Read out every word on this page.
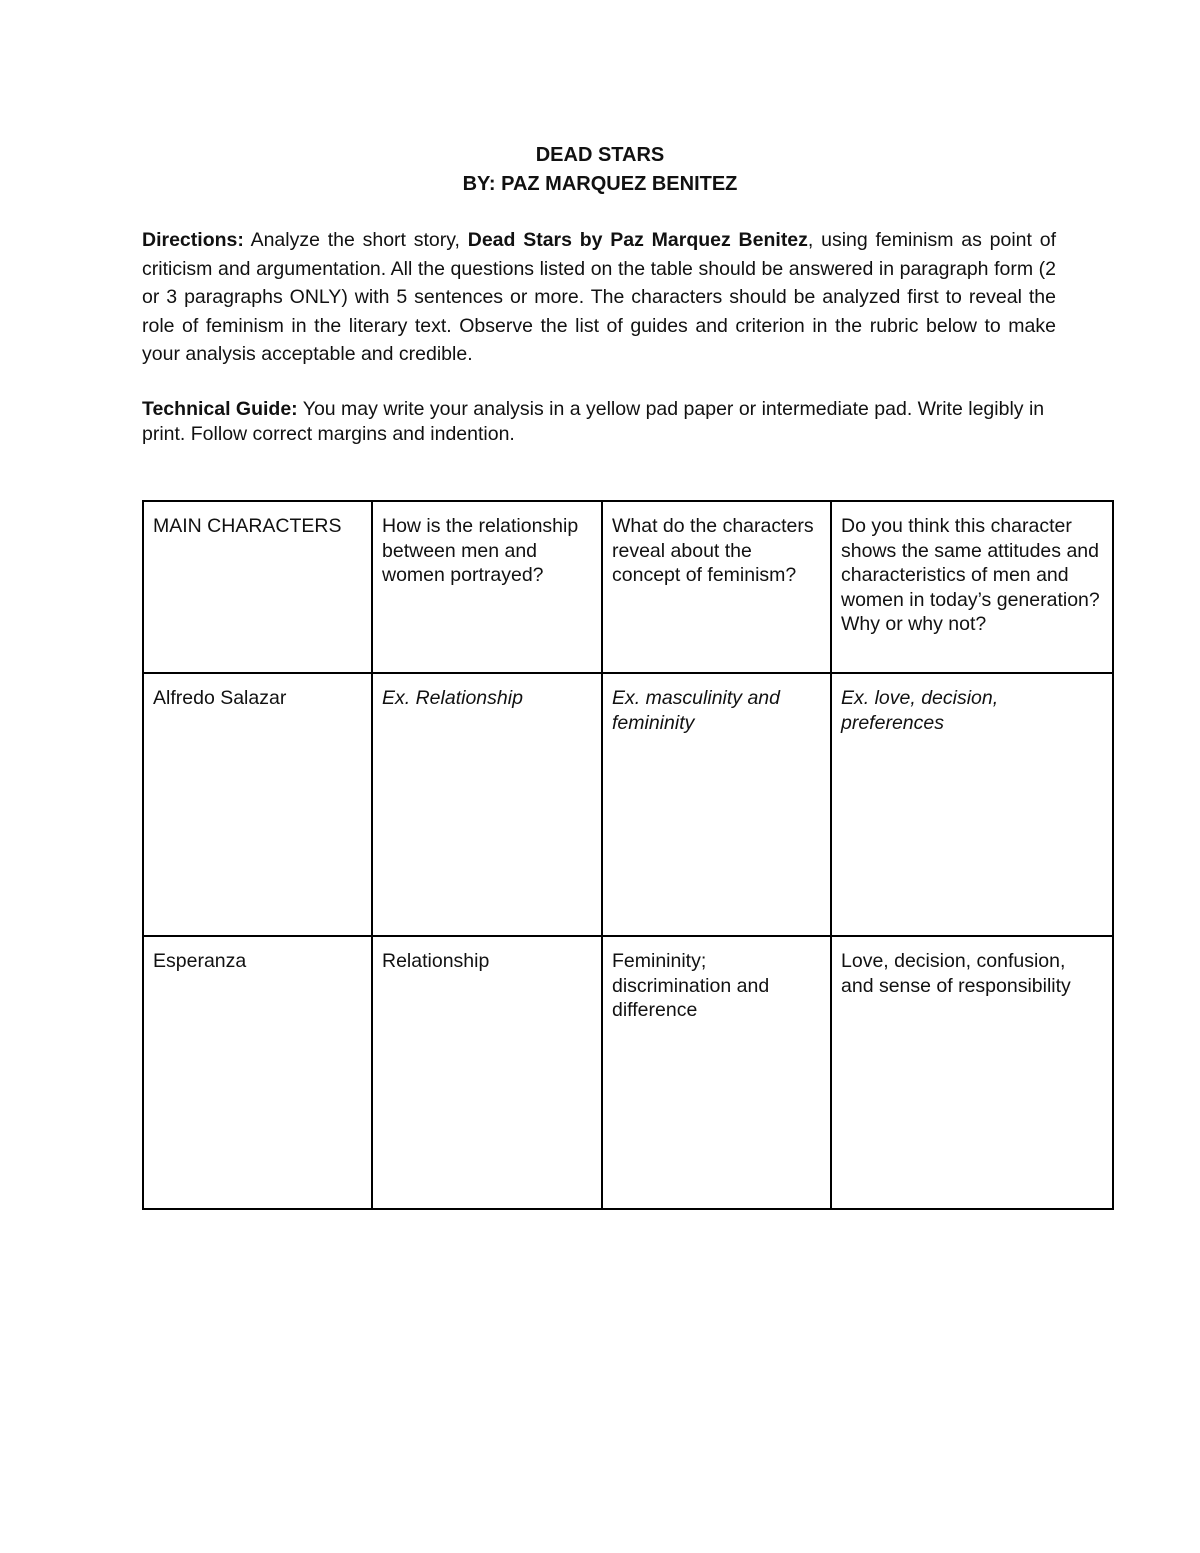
DEAD STARS
BY: PAZ MARQUEZ BENITEZ
Directions: Analyze the short story, Dead Stars by Paz Marquez Benitez, using feminism as point of criticism and argumentation. All the questions listed on the table should be answered in paragraph form (2 or 3 paragraphs ONLY) with 5 sentences or more. The characters should be analyzed first to reveal the role of feminism in the literary text. Observe the list of guides and criterion in the rubric below to make your analysis acceptable and credible.
Technical Guide: You may write your analysis in a yellow pad paper or intermediate pad. Write legibly in print. Follow correct margins and indention.
MAIN CHARACTERS	How is the relationship between men and women portrayed?	What do the characters reveal about the concept of feminism?	Do you think this character shows the same attitudes and characteristics of men and women in today’s generation? Why or why not?
Alfredo Salazar	Ex. Relationship	Ex. masculinity and femininity	Ex. love, decision, preferences
Esperanza	Relationship	Femininity; discrimination and difference	Love, decision, confusion, and sense of responsibility
